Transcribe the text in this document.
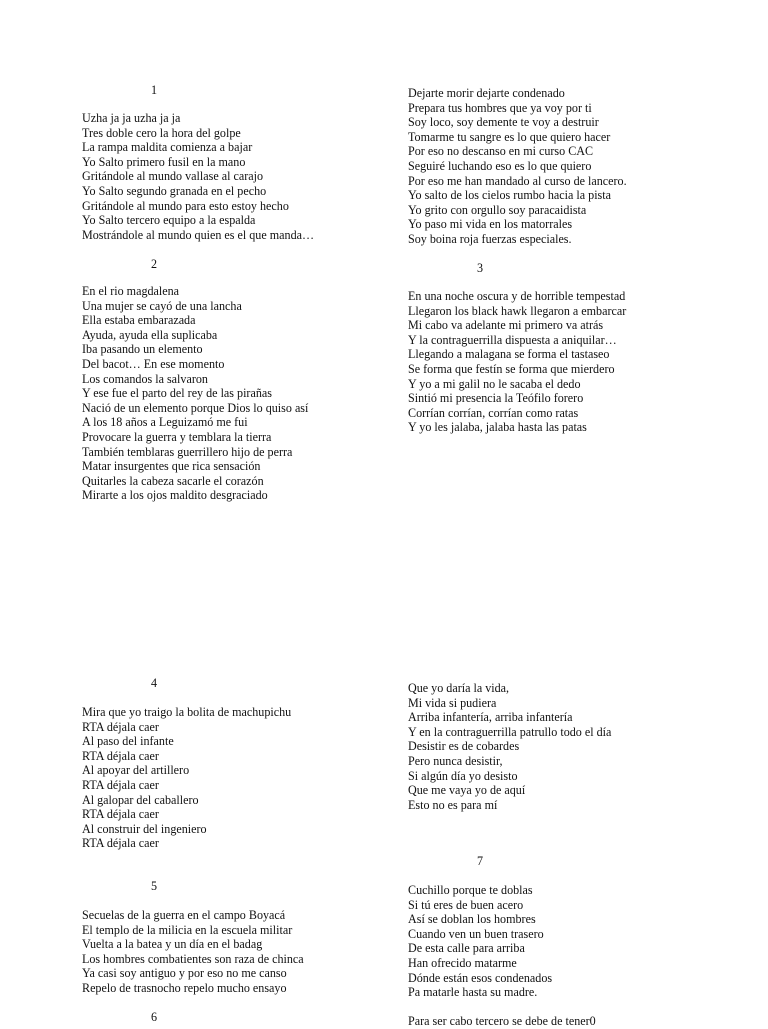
1
Uzha ja ja uzha ja ja
Tres doble cero la hora del golpe
La rampa maldita comienza a bajar
Yo Salto primero fusil en la mano
Gritándole al mundo vallase al carajo
Yo Salto segundo granada en el pecho
Gritándole al mundo para esto estoy hecho
Yo Salto tercero equipo a la espalda
Mostrándole al mundo quien es el que manda…
Dejarte morir dejarte condenado
Prepara tus hombres que ya voy por ti
Soy loco, soy demente te voy a destruir
Tomarme tu sangre es lo que quiero hacer
Por eso no descanso en mi curso CAC
Seguiré luchando eso es lo que quiero
Por eso me han mandado al curso de lancero.
Yo salto de los cielos rumbo hacia la pista
Yo grito con orgullo soy paracaidista
Yo paso mi vida en los matorrales
Soy boina roja fuerzas especiales.
2
En el rio magdalena
Una mujer se cayó de una lancha
Ella estaba embarazada
Ayuda, ayuda ella suplicaba
Iba pasando un elemento
Del bacot… En ese momento
Los comandos la salvaron
Y ese fue el parto del rey de las pirañas
Nació de un elemento porque Dios lo quiso así
A los 18 años a Leguizamó me fui
Provocare la guerra y temblara la tierra
También temblaras guerrillero hijo de perra
Matar insurgentes que rica sensación
Quitarles la cabeza sacarle el corazón
Mirarte a los ojos maldito desgraciado
3
En una noche oscura y de horrible tempestad
Llegaron los black hawk llegaron a embarcar
Mi cabo va adelante mi primero va atrás
Y la contraguerrilla dispuesta a aniquilar…
Llegando a malagana se forma el tastaseo
Se forma que festín se forma que mierdero
Y yo a mi galil no le sacaba el dedo
Sintió mi presencia la Teófilo forero
Corrían corrían, corrían como ratas
Y yo les jalaba, jalaba hasta las patas
4
Mira que yo traigo la bolita de machupichu
RTA déjala caer
Al paso del infante
RTA déjala caer
Al apoyar del artillero
RTA déjala caer
Al galopar del caballero
RTA déjala caer
Al construir del ingeniero
RTA déjala caer
Que yo daría la vida,
Mi vida si pudiera
Arriba infantería, arriba infantería
Y en la contraguerrilla patrullo todo el día
Desistir es de cobardes
Pero nunca desistir,
Si algún día yo desisto
Que me vaya yo de aquí
Esto no es para mí
5
Secuelas de la guerra en el campo Boyacá
El templo de la milicia en la escuela militar
Vuelta a la batea y un día en el badag
Los hombres combatientes son raza de chinca
Ya casi soy antiguo y por eso no me canso
Repelo de trasnocho repelo mucho ensayo
6
7
Cuchillo porque te doblas
Si tú eres de buen acero
Así se doblan los hombres
Cuando ven un buen trasero
De esta calle para arriba
Han ofrecido matarme
Dónde están esos condenados
Pa matarle hasta su madre.
Para ser cabo tercero se debe de tener0
